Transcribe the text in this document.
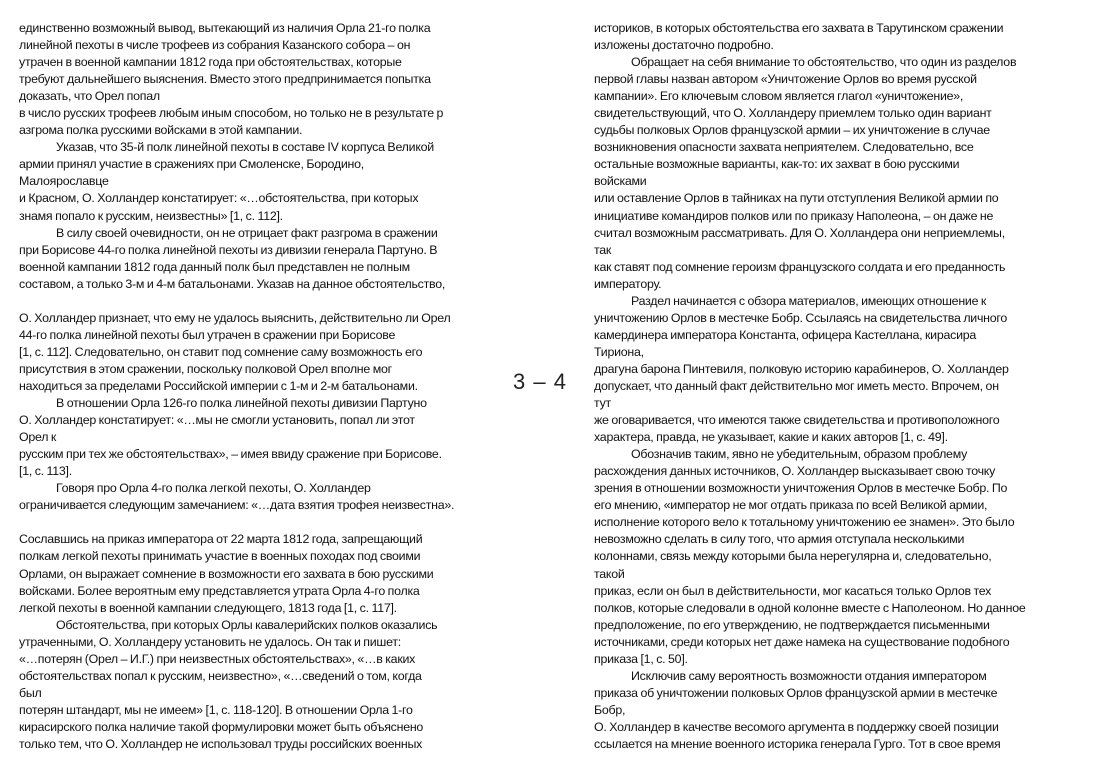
единственно возможный вывод, вытекающий из наличия Орла 21-го полка
линейной пехоты в числе трофеев из собрания Казанского собора – он
утрачен в военной кампании 1812 года при обстоятельствах, которые
требуют дальнейшего выяснения. Вместо этого предпринимается попытка
доказать, что Орел попал
в число русских трофеев любым иным способом, но только не в результате р
азгрома полка русскими войсками в этой кампании.
Указав, что 35-й полк линейной пехоты в составе IV корпуса Великой
армии принял участие в сражениях при Смоленске, Бородино,
Малоярославце
и Красном, О. Холландер констатирует: «…обстоятельства, при которых
знамя попало к русским, неизвестны» [1, с. 112].
В силу своей очевидности, он не отрицает факт разгрома в сражении
при Борисове 44-го полка линейной пехоты из дивизии генерала Партуно. В
военной кампании 1812 года данный полк был представлен не полным
составом, а только 3-м и 4-м батальонами. Указав на данное обстоятельство,
О. Холландер признает, что ему не удалось выяснить, действительно ли Орел
44-го полка линейной пехоты был утрачен в сражении при Борисове
[1, с. 112]. Следовательно, он ставит под сомнение саму возможность его
присутствия в этом сражении, поскольку полковой Орел вполне мог
находиться за пределами Российской империи с 1-м и 2-м батальонами.
В отношении Орла 126-го полка линейной пехоты дивизии Партуно
О. Холландер констатирует: «…мы не смогли установить, попал ли этот
Орел к
русским при тех же обстоятельствах», – имея ввиду сражение при Борисове.
[1, с. 113].
Говоря про Орла 4-го полка легкой пехоты, О. Холландер
ограничивается следующим замечанием: «…дата взятия трофея неизвестна».
Сославшись на приказ императора от 22 марта 1812 года, запрещающий
полкам легкой пехоты принимать участие в военных походах под своими
Орлами, он выражает сомнение в возможности его захвата в бою русскими
войсками. Более вероятным ему представляется утрата Орла 4-го полка
легкой пехоты в военной кампании следующего, 1813 года [1, с. 117].
Обстоятельства, при которых Орлы кавалерийских полков оказались
утраченными, О. Холландеру установить не удалось. Он так и пишет:
«…потерян (Орел – И.Г.) при неизвестных обстоятельствах», «…в каких
обстоятельствах попал к русским, неизвестно», «…сведений о том, когда
был
потерян штандарт, мы не имеем» [1, с. 118-120]. В отношении Орла 1-го
кирасирского полка наличие такой формулировки может быть объяснено
только тем, что О. Холландер не использовал труды российских военных
3 – 4
историков, в которых обстоятельства его захвата в Тарутинском сражении
изложены достаточно подробно.
Обращает на себя внимание то обстоятельство, что один из разделов
первой главы назван автором «Уничтожение Орлов во время русской
кампании». Его ключевым словом является глагол «уничтожение»,
свидетельствующий, что О. Холландеру приемлем только один вариант
судьбы полковых Орлов французской армии – их уничтожение в случае
возникновения опасности захвата неприятелем. Следовательно, все
остальные возможные варианты, как-то: их захват в бою русскими
войсками
или оставление Орлов в тайниках на пути отступления Великой армии по
инициативе командиров полков или по приказу Наполеона, – он даже не
считал возможным рассматривать. Для О. Холландера они неприемлемы,
так
как ставят под сомнение героизм французского солдата и его преданность
императору.
Раздел начинается с обзора материалов, имеющих отношение к
уничтожению Орлов в местечке Бобр. Ссылаясь на свидетельства личного
камердинера императора Константа, офицера Кастеллана, кирасира
Тириона,
драгуна барона Пинтевиля, полковую историю карабинеров, О. Холландер
допускает, что данный факт действительно мог иметь место. Впрочем, он
тут
же оговаривается, что имеются также свидетельства и противоположного
характера, правда, не указывает, какие и каких авторов [1, с. 49].
Обозначив таким, явно не убедительным, образом проблему
расхождения данных источников, О. Холландер высказывает свою точку
зрения в отношении возможности уничтожения Орлов в местечке Бобр. По
его мнению, «император не мог отдать приказа по всей Великой армии,
исполнение которого вело к тотальному уничтожению ее знамен». Это было
невозможно сделать в силу того, что армия отступала несколькими
колоннами, связь между которыми была нерегулярна и, следовательно,
такой
приказ, если он был в действительности, мог касаться только Орлов тех
полков, которые следовали в одной колонне вместе с Наполеоном. Но данное
предположение, по его утверждению, не подтверждается письменными
источниками, среди которых нет даже намека на существование подобного
приказа [1, с. 50].
Исключив саму вероятность возможности отдания императором
приказа об уничтожении полковых Орлов французской армии в местечке
Бобр,
О. Холландер в качестве весомого аргумента в поддержку своей позиции
ссылается на мнение военного историка генерала Гурго. Тот в свое время
